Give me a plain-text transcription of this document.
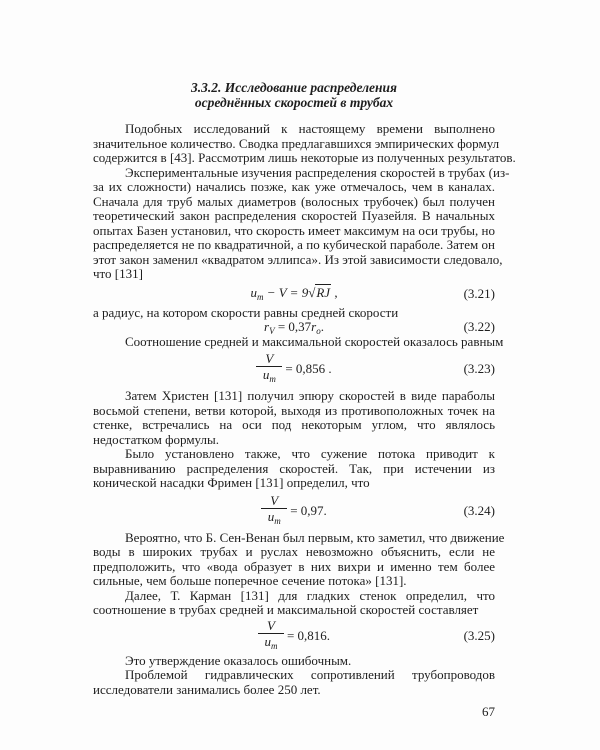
3.3.2. Исследование распределения
осреднённых скоростей в трубах
Подобных исследований к настоящему времени выполнено
значительное количество. Сводка предлагавшихся эмпирических формул
содержится в [43]. Рассмотрим лишь некоторые из полученных результатов.
Экспериментальные изучения распределения скоростей в трубах (из-
за их сложности) начались позже, как уже отмечалось, чем в каналах.
Сначала для труб малых диаметров (волосных трубочек) был получен
теоретический закон распределения скоростей Пуазейля. В начальных
опытах Базен установил, что скорость имеет максимум на оси трубы, но
распределяется не по квадратичной, а по кубической параболе. Затем он
этот закон заменил «квадратом эллипса». Из этой зависимости следовало,
что [131]
$u_m - V = 9√RJ$ ,	(3.21)
а радиус, на котором скорости равны средней скорости
$r_V = 0,37r_o$.	(3.22)
Соотношение средней и максимальной скоростей оказалось равным
$\frac{V}{u_m} = 0,856$ .	(3.23)
Затем Христен [131] получил эпюру скоростей в виде параболы
восьмой степени, ветви которой, выходя из противоположных точек на
стенке, встречались на оси под некоторым углом, что являлось
недостатком формулы.
Было установлено также, что сужение потока приводит к
выравниванию распределения скоростей. Так, при истечении из
конической насадки Фримен [131] определил, что
$\frac{V}{u_m} = 0,97$.	(3.24)
Вероятно, что Б. Сен-Венан был первым, кто заметил, что движение
воды в широких трубах и руслах невозможно объяснить, если не
предположить, что «вода образует в них вихри и именно тем более
сильные, чем больше поперечное сечение потока» [131].
Далее, Т. Карман [131] для гладких стенок определил, что
соотношение в трубах средней и максимальной скоростей составляет
$\frac{V}{u_m} = 0,816$.	(3.25)
Это утверждение оказалось ошибочным.
Проблемой гидравлических сопротивлений трубопроводов
исследователи занимались более 250 лет.
67
